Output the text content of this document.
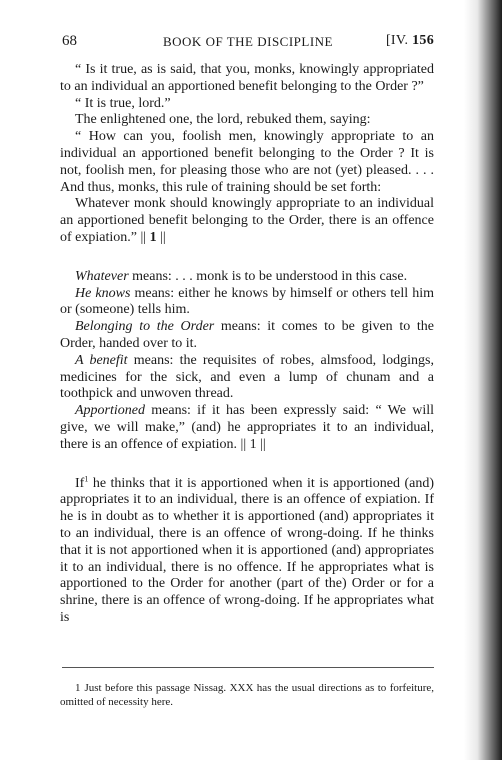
68	BOOK OF THE DISCIPLINE	[IV. 156

“ Is it true, as is said, that you, monks, knowingly appropriated to an individual an apportioned benefit belonging to the Order ?”

“ It is true, lord.”

The enlightened one, the lord, rebuked them, saying:

“ How can you, foolish men, knowingly appropriate to an individual an apportioned benefit belonging to the Order ? It is not, foolish men, for pleasing those who are not (yet) pleased. . . . And thus, monks, this rule of training should be set forth:

Whatever monk should knowingly appropriate to an individual an apportioned benefit belonging to the Order, there is an offence of expiation.” || 1 ||

Whatever means: . . . monk is to be understood in this case.

He knows means: either he knows by himself or others tell him or (someone) tells him.

Belonging to the Order means: it comes to be given to the Order, handed over to it.

A benefit means: the requisites of robes, almsfood, lodgings, medicines for the sick, and even a lump of chunam and a toothpick and unwoven thread.

Apportioned means: if it has been expressly said: “ We will give, we will make,” (and) he appropriates it to an individual, there is an offence of expiation. || 1 ||

If$^1$ he thinks that it is apportioned when it is apportioned (and) appropriates it to an individual, there is an offence of expiation. If he is in doubt as to whether it is apportioned (and) appropriates it to an individual, there is an offence of wrong-doing. If he thinks that it is not apportioned when it is apportioned (and) appropriates it to an individual, there is no offence. If he appropriates what is apportioned to the Order for another (part of the) Order or for a shrine, there is an offence of wrong-doing. If he appropriates what is

1 Just before this passage Nissag. XXX has the usual directions as to forfeiture, omitted of necessity here.
